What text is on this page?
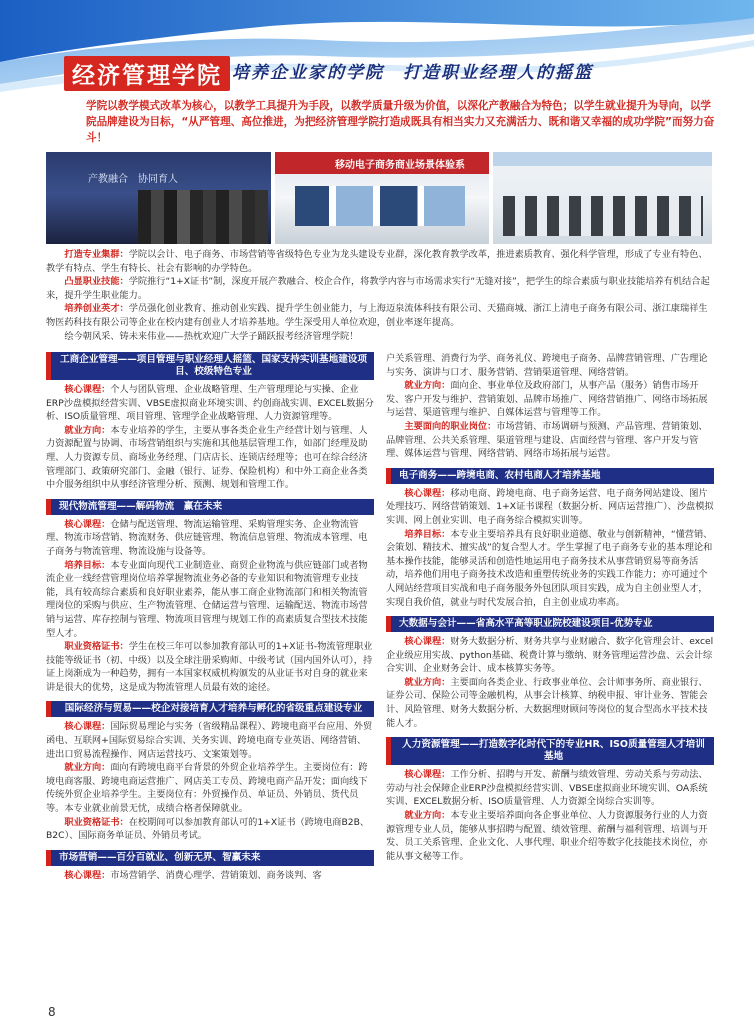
经济管理学院 培养企业家的学院　打造职业经理人的摇篮

学院以教学模式改革为核心，以教学工具提升为手段，以教学质量升级为价值，以深化产教融合为特色；以学生就业提升为导向，以学院品牌建设为目标，“从严管理、高位推进，为把经济管理学院打造成既具有相当实力又充满活力、既和谐又幸福的成功学院”而努力奋斗！

产教融合　协同育人
移动电子商务商业场景体验系

打造专业集群：学院以会计、电子商务、市场营销等省级特色专业为龙头建设专业群，深化教育教学改革，推进素质教育、强化科学管理，形成了专业有特色、教学有特点、学生有特长、社会有影响的办学特色。

凸显职业技能：学院推行“1+X证书”制，深度开展产教融合、校企合作，将教学内容与市场需求实行“无缝对接”，把学生的综合素质与职业技能培养有机结合起来，提升学生职业能力。

培养创业英才：学员强化创业教育、推动创业实践、提升学生创业能力，与上海迈泉流体科技有限公司、天猫商城、浙江上清电子商务有限公司、浙江康瑞祥生物医药科技有限公司等企业在校内建有创业人才培养基地。学生深受用人单位欢迎，创业率逐年提高。

绘今朝风采、铸未来伟业——热枕欢迎广大学子踊跃报考经济管理学院！

工商企业管理——项目管理与职业经理人摇篮、国家支持实训基地建设项目、校级特色专业

核心课程：个人与团队管理、企业战略管理、生产管理理论与实操、企业ERP沙盘模拟经营实训、VBSE虚拟商业环境实训、约创商战实训、EXCEL数据分析、ISO质量管理、项目管理、管理学企业战略管理、人力资源管理等。

就业方向：本专业培养的学生，主要从事各类企业生产经营计划与管理、人力资源配置与协调、市场营销组织与实施和其他基层管理工作，如部门经理及助理、人力资源专员、商场业务经理、门店店长、连锁店经理等；也可在综合经济管理部门、政策研究部门、金融（银行、证券、保险机构）和中外工商企业各类中介服务组织中从事经济管理分析、预测、规划和管理工作。

现代物流管理——解码物流　赢在未来

核心课程：仓储与配送管理、物流运输管理、采购管理实务、企业物流管理、物流市场营销、物流财务、供应链管理、物流信息管理、物流成本管理、电子商务与物流管理、物流设施与设备等。

培养目标：本专业面向现代工业制造业、商贸企业物流与供应链部门或者物流企业一线经营管理岗位培养掌握物流业务必备的专业知识和物流管理专业技能，具有较高综合素质和良好职业素养，能从事工商企业物流部门和相关物流管理岗位的采购与供应、生产物流管理、仓储运营与管理、运输配送、物流市场营销与运营、库存控制与管理、物流项目管理与规划工作的高素质复合型技术技能型人才。

职业资格证书：学生在校三年可以参加教育部认可的1+X证书-物流管理职业技能等级证书（初、中级）以及全球注册采购师、中级考试（国内国外认可），持证上岗渐成为一种趋势，拥有一本国家权威机构颁发的从业证书对自身的就业来讲是很大的优势，这是成为物流管理人员最有效的途径。

国际经济与贸易——校企对接培育人才培养与孵化的省级重点建设专业

核心课程：国际贸易理论与实务（省级精品课程）、跨境电商平台应用、外贸函电、互联网+国际贸易综合实训、关务实训、跨境电商专业英语、网络营销、进出口贸易流程操作、网店运营技巧、文案策划等。

就业方向：面向有跨境电商平台背景的外贸企业培养学生。主要岗位有：跨境电商客服、跨境电商运营推广、网店美工专员、跨境电商产品开发；面向线下传统外贸企业培养学生。主要岗位有：外贸操作员、单证员、外销员、货代员等。本专业就业前景无忧，成绩合格者保障就业。

职业资格证书：在校期间可以参加教育部认可的1+X证书（跨境电商B2B、B2C）、国际商务单证员、外销员考试。

市场营销——百分百就业、创新无界、智赢未来

核心课程：市场营销学、消费心理学、营销策划、商务谈判、客

户关系管理、消费行为学、商务礼仪、跨境电子商务、品牌营销管理、广告理论与实务、演讲与口才、服务营销、营销渠道管理、网络营销。

就业方向：面向企、事业单位及政府部门，从事产品（服务）销售市场开发、客户开发与维护、营销策划、品牌市场推广、网络营销推广、网络市场拓展与运营、渠道管理与维护、自媒体运营与管理等工作。

主要面向的职业岗位：市场营销、市场调研与预测、产品管理、营销策划、品牌管理、公共关系管理、渠道管理与建设、店面经营与管理、客户开发与管理、媒体运营与管理、网络营销、网络市场拓展与运营。

电子商务——跨境电商、农村电商人才培养基地

核心课程：移动电商、跨境电商、电子商务运营、电子商务网站建设、图片处理技巧、网络营销策划、1+X证书课程（数据分析、网店运营推广）、沙盘模拟实训、网上创业实训、电子商务综合模拟实训等。

培养目标：本专业主要培养具有良好职业道德、敬业与创新精神，“懂营销、会策划、精技术、擅实战”的复合型人才。学生掌握了电子商务专业的基本理论和基本操作技能，能够灵活和创造性地运用电子商务技术从事营销贸易等商务活动，培养他们用电子商务技术改造和重塑传统业务的实践工作能力；亦可通过个人网站经营项目实战和电子商务服务外包团队项目实践，成为自主创业型人才，实现自我价值，就业与时代发展合拍，自主创业成功率高。

大数据与会计——省高水平高等职业院校建设项目-优势专业

核心课程：财务大数据分析、财务共享与业财融合、数字化管理会计、excel企业级应用实战、python基础、税费计算与缴纳、财务管理运营沙盘、云会计综合实训、企业财务会计、成本核算实务等。

就业方向：主要面向各类企业、行政事业单位、会计师事务所、商业银行、证券公司、保险公司等金融机构，从事会计核算、纳税申报、审计业务、智能会计、风险管理、财务大数据分析、大数据理财顾问等岗位的复合型高水平技术技能人才。

人力资源管理——打造数字化时代下的专业HR、ISO质量管理人才培训基地

核心课程：工作分析、招聘与开发、薪酬与绩效管理、劳动关系与劳动法、劳动与社会保障企业ERP沙盘模拟经营实训、VBSE虚拟商业环境实训、OA系统实训、EXCEL数据分析、ISO质量管理、人力资源全岗综合实训等。

就业方向：本专业主要培养面向各企事业单位、人力资源服务行业的人力资源管理专业人员，能够从事招聘与配置、绩效管理、薪酬与福利管理、培训与开发、员工关系管理、企业文化、人事代理、职业介绍等数字化技能技术岗位，亦能从事文秘等工作。

8
